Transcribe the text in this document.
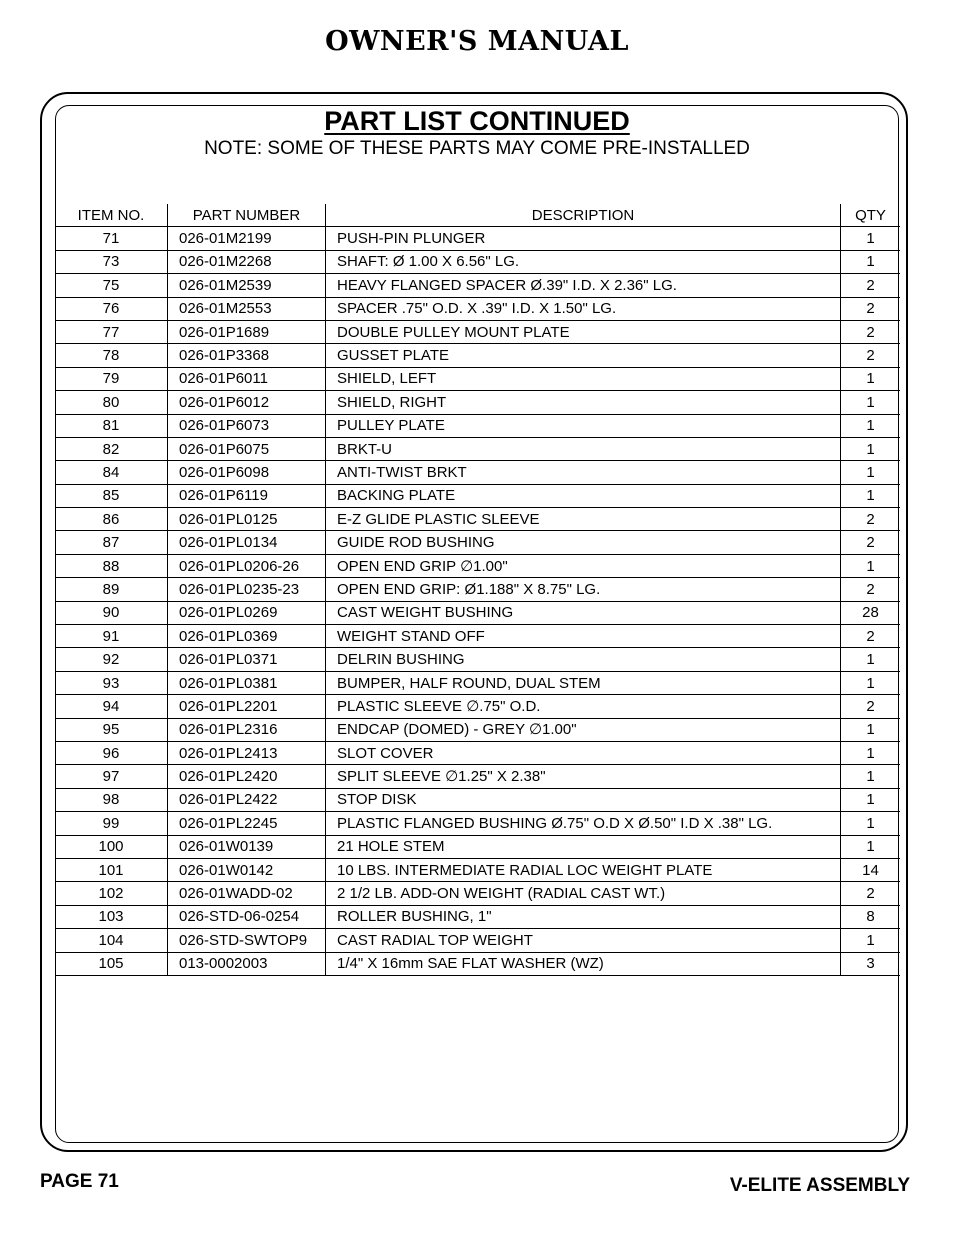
OWNER'S MANUAL
PART LIST CONTINUED
NOTE: SOME OF THESE PARTS MAY COME PRE-INSTALLED
ITEM NO.	PART NUMBER	DESCRIPTION	QTY
71	026-01M2199	PUSH-PIN PLUNGER	1
73	026-01M2268	SHAFT: Ø 1.00 X 6.56" LG.	1
75	026-01M2539	HEAVY FLANGED SPACER Ø.39" I.D. X 2.36" LG.	2
76	026-01M2553	SPACER .75" O.D. X .39" I.D. X 1.50" LG.	2
77	026-01P1689	DOUBLE PULLEY MOUNT PLATE	2
78	026-01P3368	GUSSET PLATE	2
79	026-01P6011	SHIELD, LEFT	1
80	026-01P6012	SHIELD, RIGHT	1
81	026-01P6073	PULLEY PLATE	1
82	026-01P6075	BRKT-U	1
84	026-01P6098	ANTI-TWIST BRKT	1
85	026-01P6119	BACKING PLATE	1
86	026-01PL0125	E-Z GLIDE PLASTIC SLEEVE	2
87	026-01PL0134	GUIDE ROD BUSHING	2
88	026-01PL0206-26	OPEN END GRIP ∅1.00"	1
89	026-01PL0235-23	OPEN END GRIP: Ø1.188" X 8.75" LG.	2
90	026-01PL0269	CAST WEIGHT BUSHING	28
91	026-01PL0369	WEIGHT STAND OFF	2
92	026-01PL0371	DELRIN BUSHING	1
93	026-01PL0381	BUMPER, HALF ROUND, DUAL STEM	1
94	026-01PL2201	PLASTIC SLEEVE ∅.75" O.D.	2
95	026-01PL2316	ENDCAP (DOMED) - GREY ∅1.00"	1
96	026-01PL2413	SLOT COVER	1
97	026-01PL2420	SPLIT SLEEVE ∅1.25" X 2.38"	1
98	026-01PL2422	STOP DISK	1
99	026-01PL2245	PLASTIC FLANGED BUSHING Ø.75" O.D X Ø.50" I.D X .38" LG.	1
100	026-01W0139	21 HOLE STEM	1
101	026-01W0142	10 LBS. INTERMEDIATE RADIAL LOC WEIGHT PLATE	14
102	026-01WADD-02	2 1/2 LB. ADD-ON WEIGHT (RADIAL CAST WT.)	2
103	026-STD-06-0254	ROLLER BUSHING, 1"	8
104	026-STD-SWTOP9	CAST RADIAL TOP WEIGHT	1
105	013-0002003	1/4" X 16mm SAE FLAT WASHER (WZ)	3
PAGE 71	V-ELITE ASSEMBLY
